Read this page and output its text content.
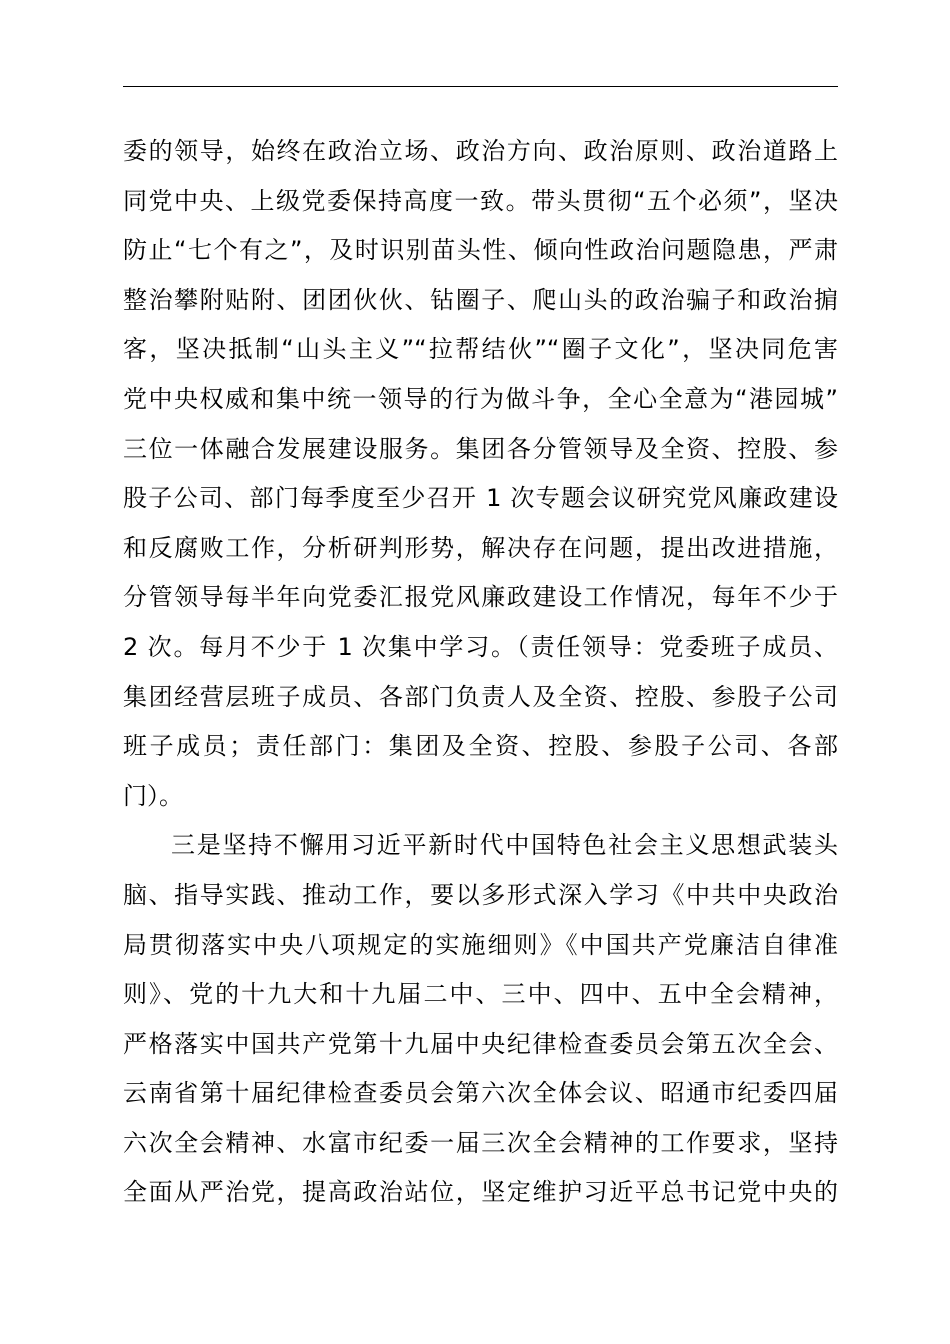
委的领导，始终在政治立场、政治方向、政治原则、政治道路上
同党中央、上级党委保持高度一致。带头贯彻“五个必须”，坚决
防止“七个有之”，及时识别苗头性、倾向性政治问题隐患，严肃
整治攀附贴附、团团伙伙、钻圈子、爬山头的政治骗子和政治掮
客，坚决抵制“山头主义”“拉帮结伙”“圈子文化”，坚决同危害
党中央权威和集中统一领导的行为做斗争，全心全意为“港园城”
三位一体融合发展建设服务。集团各分管领导及全资、控股、参
股子公司、部门每季度至少召开 1 次专题会议研究党风廉政建设
和反腐败工作，分析研判形势，解决存在问题，提出改进措施，
分管领导每半年向党委汇报党风廉政建设工作情况，每年不少于
2 次。每月不少于 1 次集中学习。（责任领导：党委班子成员、
集团经营层班子成员、各部门负责人及全资、控股、参股子公司
班子成员；责任部门：集团及全资、控股、参股子公司、各部
门）。
三是坚持不懈用习近平新时代中国特色社会主义思想武装头
脑、指导实践、推动工作，要以多形式深入学习《中共中央政治
局贯彻落实中央八项规定的实施细则》《中国共产党廉洁自律准
则》、党的十九大和十九届二中、三中、四中、五中全会精神，
严格落实中国共产党第十九届中央纪律检查委员会第五次全会、
云南省第十届纪律检查委员会第六次全体会议、昭通市纪委四届
六次全会精神、水富市纪委一届三次全会精神的工作要求，坚持
全面从严治党，提高政治站位，坚定维护习近平总书记党中央的
